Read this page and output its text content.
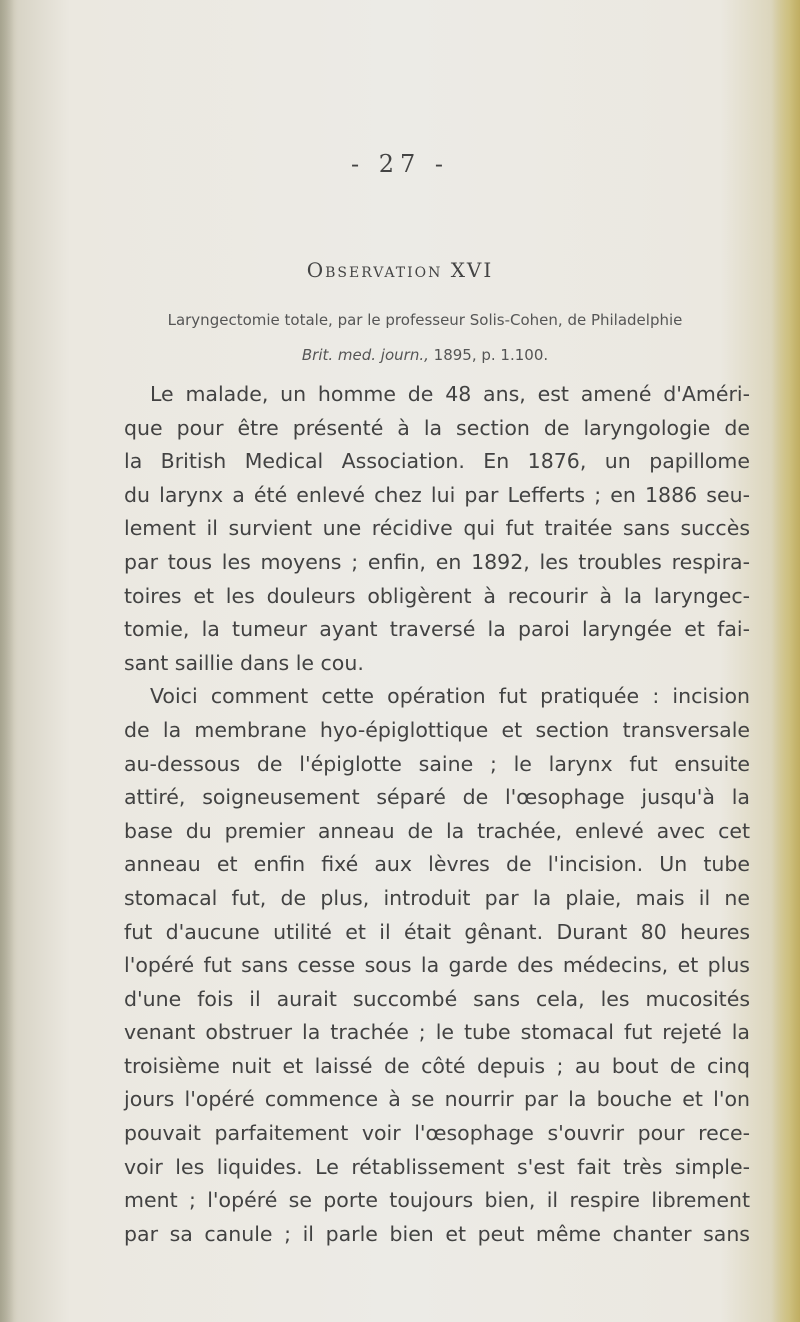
- 27 -
Observation XVI
Laryngectomie totale, par le professeur Solis-Cohen, de Philadelphie
Brit. med. journ., 1895, p. 1.100.
Le malade, un homme de 48 ans, est amené d'Améri-
que pour être présenté à la section de laryngologie de
la British Medical Association. En 1876, un papillome
du larynx a été enlevé chez lui par Lefferts ; en 1886 seu-
lement il survient une récidive qui fut traitée sans succès
par tous les moyens ; enfin, en 1892, les troubles respira-
toires et les douleurs obligèrent à recourir à la laryngec-
tomie, la tumeur ayant traversé la paroi laryngée et fai-
sant saillie dans le cou.
Voici comment cette opération fut pratiquée : incision
de la membrane hyo-épiglottique et section transversale
au-dessous de l'épiglotte saine ; le larynx fut ensuite
attiré, soigneusement séparé de l'œsophage jusqu'à la
base du premier anneau de la trachée, enlevé avec cet
anneau et enfin fixé aux lèvres de l'incision. Un tube
stomacal fut, de plus, introduit par la plaie, mais il ne
fut d'aucune utilité et il était gênant. Durant 80 heures
l'opéré fut sans cesse sous la garde des médecins, et plus
d'une fois il aurait succombé sans cela, les mucosités
venant obstruer la trachée ; le tube stomacal fut rejeté la
troisième nuit et laissé de côté depuis ; au bout de cinq
jours l'opéré commence à se nourrir par la bouche et l'on
pouvait parfaitement voir l'œsophage s'ouvrir pour rece-
voir les liquides. Le rétablissement s'est fait très simple-
ment ; l'opéré se porte toujours bien, il respire librement
par sa canule ; il parle bien et peut même chanter sans
